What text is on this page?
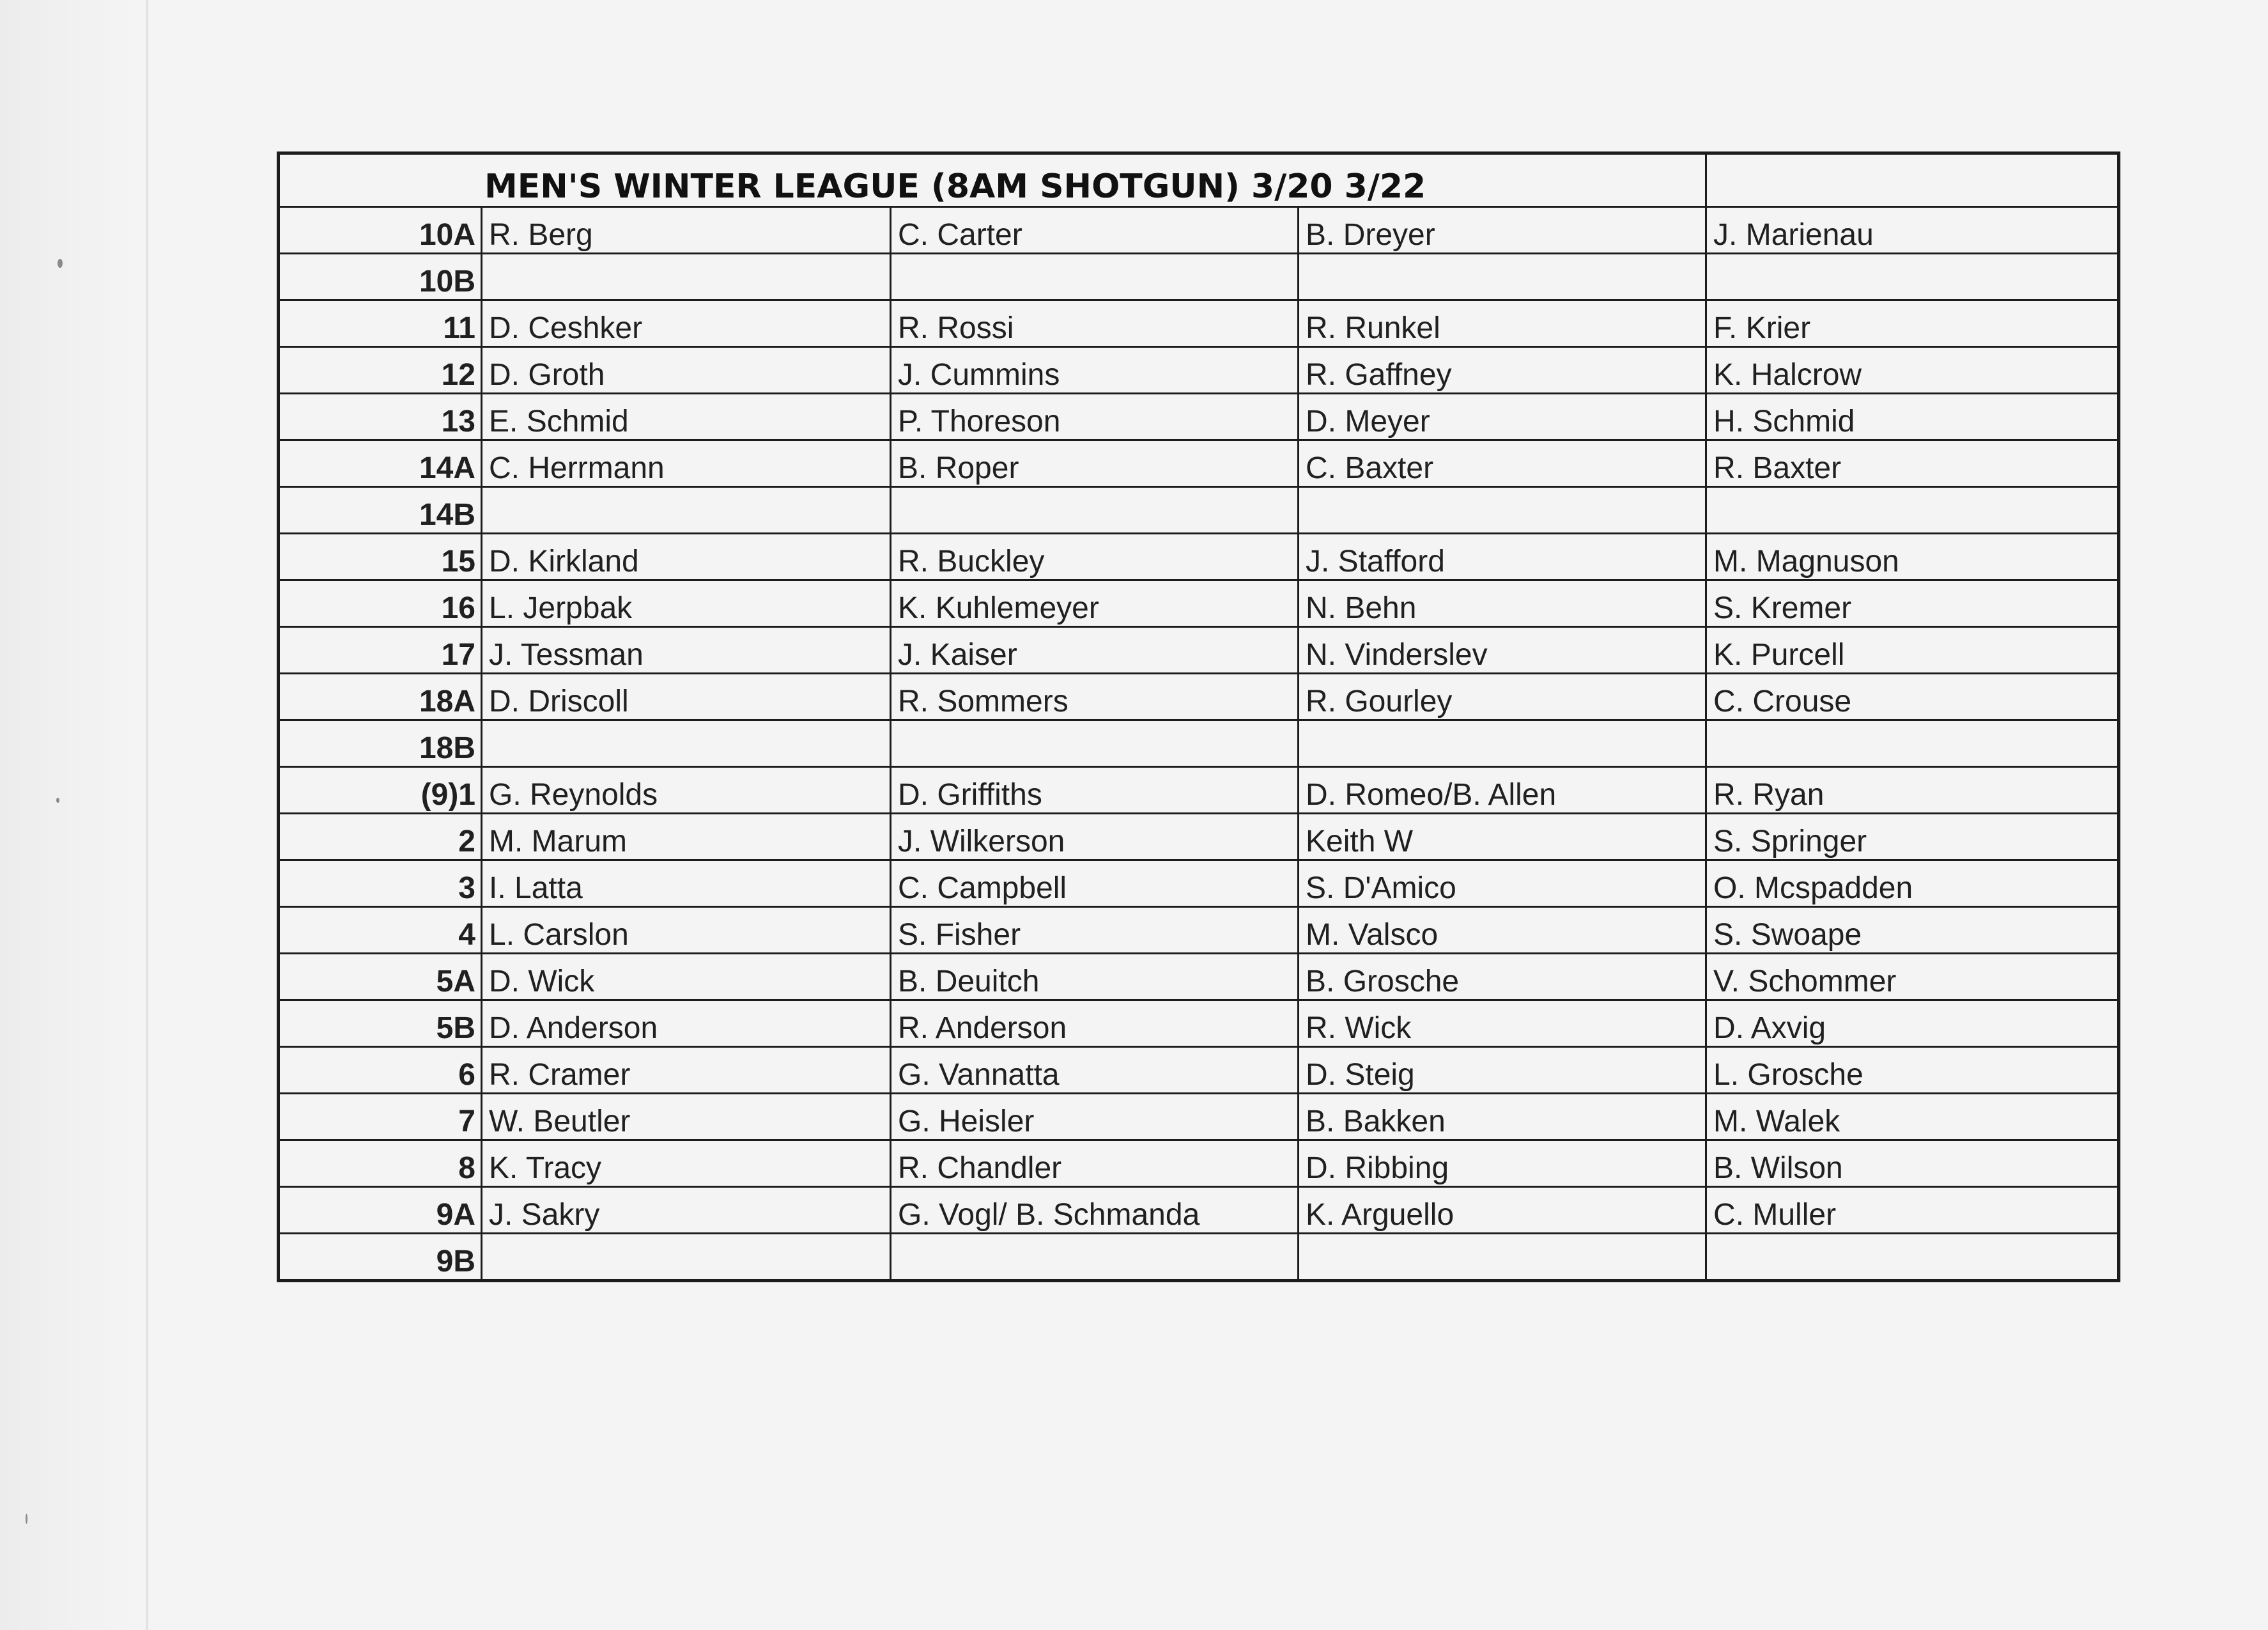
MEN'S WINTER LEAGUE (8AM SHOTGUN) 3/20 3/22				
10A	R. Berg	C. Carter	B. Dreyer	J. Marienau
10B				
11	D. Ceshker	R. Rossi	R. Runkel	F. Krier
12	D. Groth	J. Cummins	R. Gaffney	K. Halcrow
13	E. Schmid	P. Thoreson	D. Meyer	H. Schmid
14A	C. Herrmann	B. Roper	C. Baxter	R. Baxter
14B				
15	D. Kirkland	R. Buckley	J. Stafford	M. Magnuson
16	L. Jerpbak	K. Kuhlemeyer	N. Behn	S. Kremer
17	J. Tessman	J. Kaiser	N. Vinderslev	K. Purcell
18A	D. Driscoll	R. Sommers	R. Gourley	C. Crouse
18B				
(9)1	G. Reynolds	D. Griffiths	D. Romeo/B. Allen	R. Ryan
2	M. Marum	J. Wilkerson	Keith W	S. Springer
3	I. Latta	C. Campbell	S. D'Amico	O. Mcspadden
4	L. Carslon	S. Fisher	M. Valsco	S. Swoape
5A	D. Wick	B. Deuitch	B. Grosche	V. Schommer
5B	D. Anderson	R. Anderson	R. Wick	D. Axvig
6	R. Cramer	G. Vannatta	D. Steig	L. Grosche
7	W. Beutler	G. Heisler	B. Bakken	M. Walek
8	K. Tracy	R. Chandler	D. Ribbing	B. Wilson
9A	J. Sakry	G. Vogl/ B. Schmanda	K. Arguello	C. Muller
9B				
